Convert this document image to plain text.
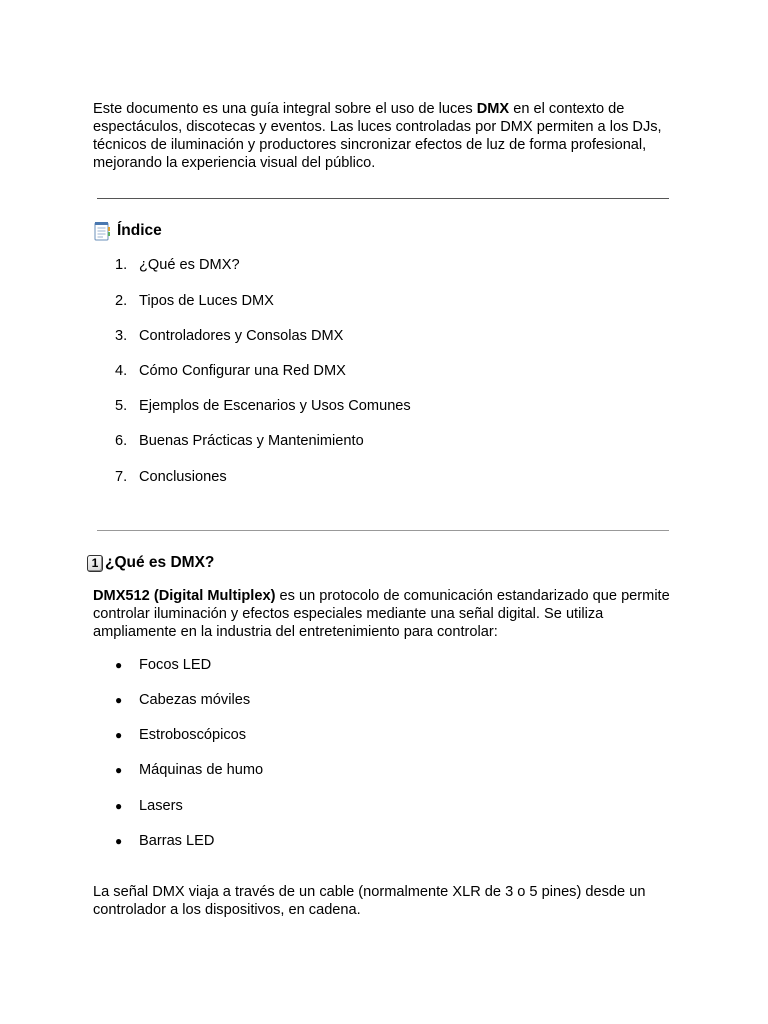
Este documento es una guía integral sobre el uso de luces DMX en el contexto de espectáculos, discotecas y eventos. Las luces controladas por DMX permiten a los DJs, técnicos de iluminación y productores sincronizar efectos de luz de forma profesional, mejorando la experiencia visual del público.

Índice
1. ¿Qué es DMX?
2. Tipos de Luces DMX
3. Controladores y Consolas DMX
4. Cómo Configurar una Red DMX
5. Ejemplos de Escenarios y Usos Comunes
6. Buenas Prácticas y Mantenimiento
7. Conclusiones
1 ¿Qué es DMX?

DMX512 (Digital Multiplex) es un protocolo de comunicación estandarizado que permite controlar iluminación y efectos especiales mediante una señal digital. Se utiliza ampliamente en la industria del entretenimiento para controlar:

● Focos LED
● Cabezas móviles
● Estroboscópicos
● Máquinas de humo
● Lasers
● Barras LED

La señal DMX viaja a través de un cable (normalmente XLR de 3 o 5 pines) desde un controlador a los dispositivos, en cadena.
